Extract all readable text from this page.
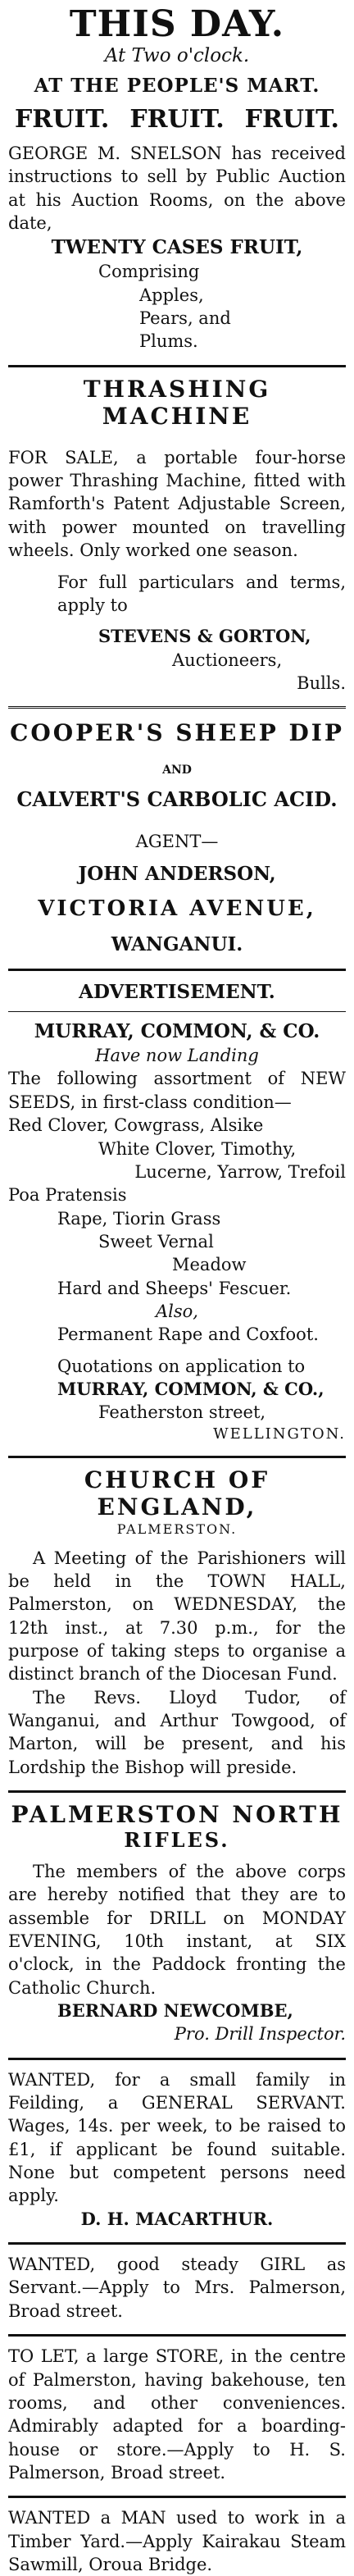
THIS DAY.
At Two o'clock.
AT THE PEOPLE'S MART.
FRUIT. FRUIT. FRUIT.

GEORGE M. SNELSON has received instructions to sell by Public Auction at his Auction Rooms, on the above date,

TWENTY CASES FRUIT,

Comprising

Apples,

Pears, and

Plums.

THRASHING MACHINE

FOR SALE, a portable four-horse power Thrashing Machine, fitted with Ramforth's Patent Adjustable Screen, with power mounted on travelling wheels. Only worked one season.

For full particulars and terms, apply to

STEVENS & GORTON,

Auctioneers,

Bulls.

COOPER'S SHEEP DIP

AND

CALVERT'S CARBOLIC ACID.

AGENT—

JOHN ANDERSON,

VICTORIA AVENUE,

WANGANUI.

ADVERTISEMENT.

MURRAY, COMMON, & CO.

Have now Landing

The following assortment of NEW SEEDS, in first-class condition—

Red Clover, Cowgrass, Alsike

White Clover, Timothy,

Lucerne, Yarrow, Trefoil

Poa Pratensis

Rape, Tiorin Grass

Sweet Vernal

Meadow

Hard and Sheeps' Fescuer.

Also,

Permanent Rape and Coxfoot.

Quotations on application to

MURRAY, COMMON, & CO.,

Featherston street,

WELLINGTON.

CHURCH OF ENGLAND,

PALMERSTON.

A Meeting of the Parishioners will be held in the TOWN HALL, Palmerston, on WEDNESDAY, the 12th inst., at 7.30 p.m., for the purpose of taking steps to organise a distinct branch of the Diocesan Fund.

The Revs. Lloyd Tudor, of Wanganui, and Arthur Towgood, of Marton, will be present, and his Lordship the Bishop will preside.

PALMERSTON NORTH
RIFLES.

The members of the above corps are hereby notified that they are to assemble for DRILL on MONDAY EVENING, 10th instant, at SIX o'clock, in the Paddock fronting the Catholic Church.

BERNARD NEWCOMBE,

Pro. Drill Inspector.

WANTED, for a small family in Feilding, a GENERAL SERVANT. Wages, 14s. per week, to be raised to £1, if applicant be found suitable. None but competent persons need apply.

D. H. MACARTHUR.

WANTED, good steady GIRL as Servant.—Apply to Mrs. Palmerson, Broad street.

TO LET, a large STORE, in the centre of Palmerston, having bakehouse, ten rooms, and other conveniences. Admirably adapted for a boarding-house or store.—Apply to H. S. Palmerson, Broad street.

WANTED a MAN used to work in a Timber Yard.—Apply Kairakau Steam Sawmill, Oroua Bridge.
